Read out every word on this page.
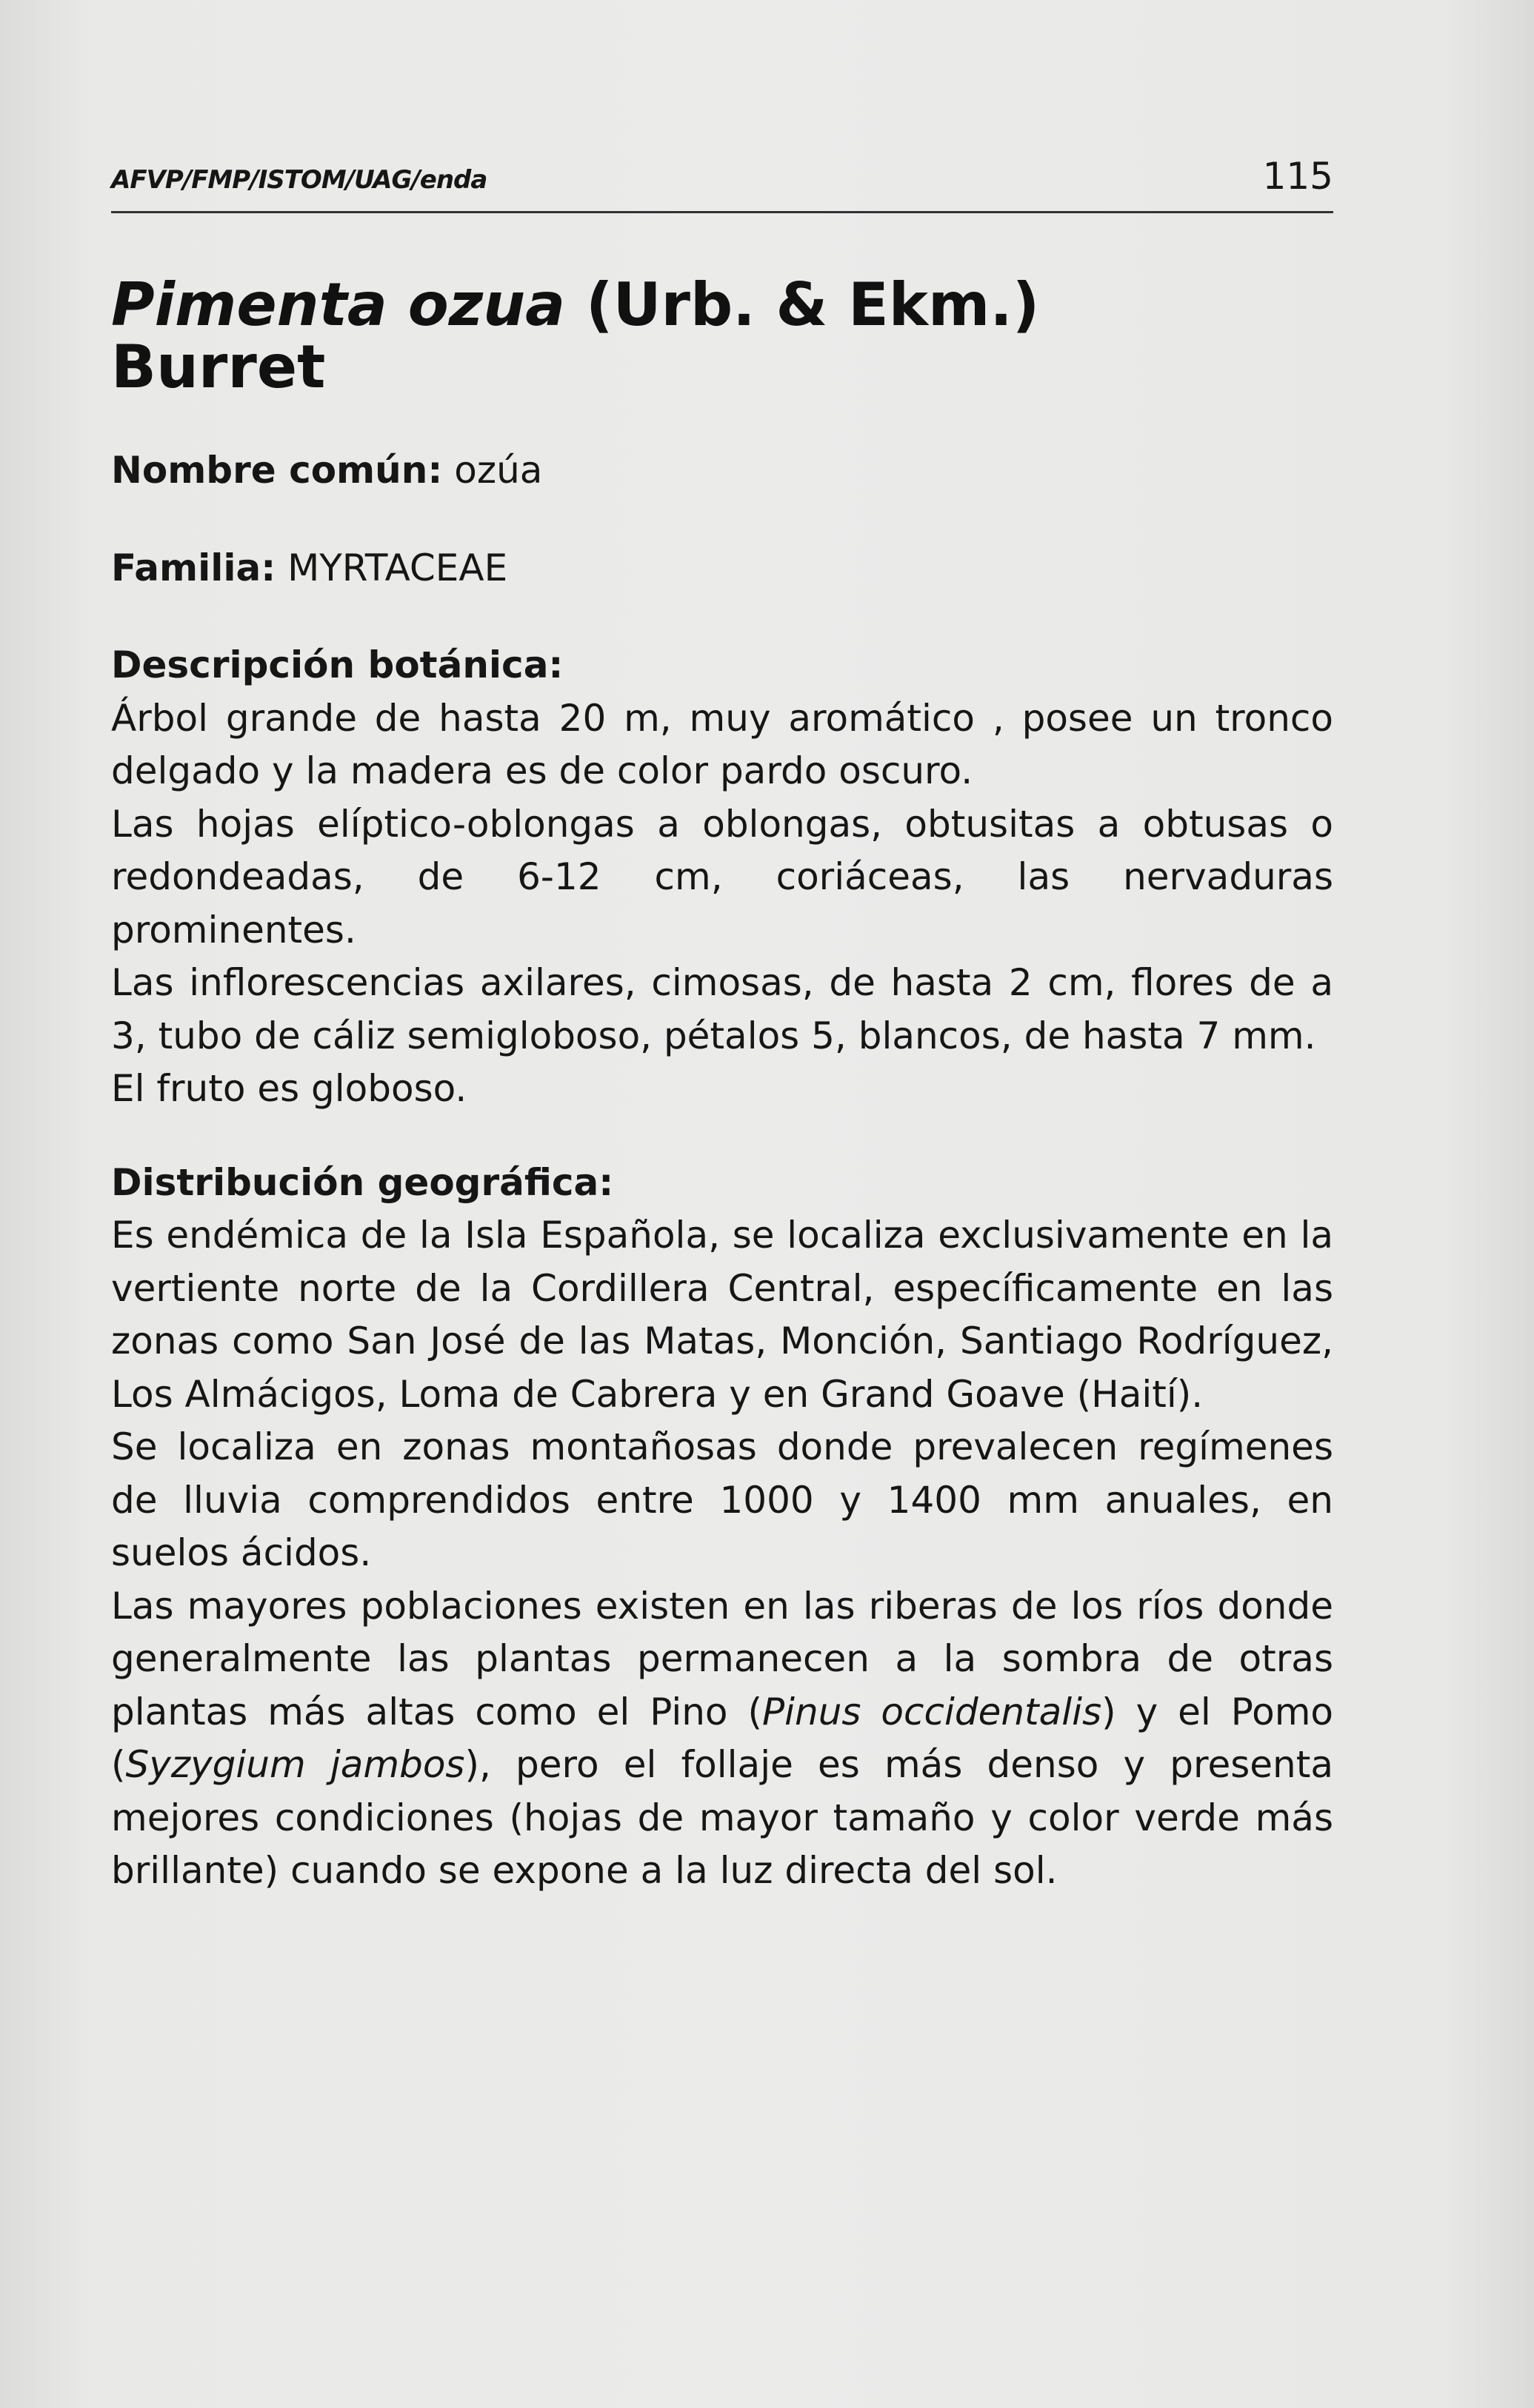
AFVP/FMP/ISTOM/UAG/enda	115
Pimenta ozua (Urb. & Ekm.)
Burret

Nombre común: ozúa

Familia: MYRTACEAE

Descripción botánica:

Árbol grande de hasta 20 m, muy aromático , posee un tronco delgado y la madera es de color pardo oscuro.

Las hojas elíptico-oblongas a oblongas, obtusitas a obtusas o redondeadas, de 6-12 cm, coriáceas, las nervaduras prominentes.

Las inflorescencias axilares, cimosas, de hasta 2 cm, flores de a 3, tubo de cáliz semigloboso, pétalos 5, blancos, de hasta 7 mm.

El fruto es globoso.

Distribución geográfica:

Es endémica de la Isla Española, se localiza exclusivamente en la vertiente norte de la Cordillera Central, específicamente en las zonas como San José de las Matas, Monción, Santiago Rodríguez, Los Almácigos, Loma de Cabrera y en Grand Goave (Haití).

Se localiza en zonas montañosas donde prevalecen regímenes de lluvia comprendidos entre 1000 y 1400 mm anuales, en suelos ácidos.

Las mayores poblaciones existen en las riberas de los ríos donde generalmente las plantas permanecen a la sombra de otras plantas más altas como el Pino (Pinus occidentalis) y el Pomo (Syzygium jambos), pero el follaje es más denso y presenta mejores condiciones (hojas de mayor tamaño y color verde más brillante) cuando se expone a la luz directa del sol.
